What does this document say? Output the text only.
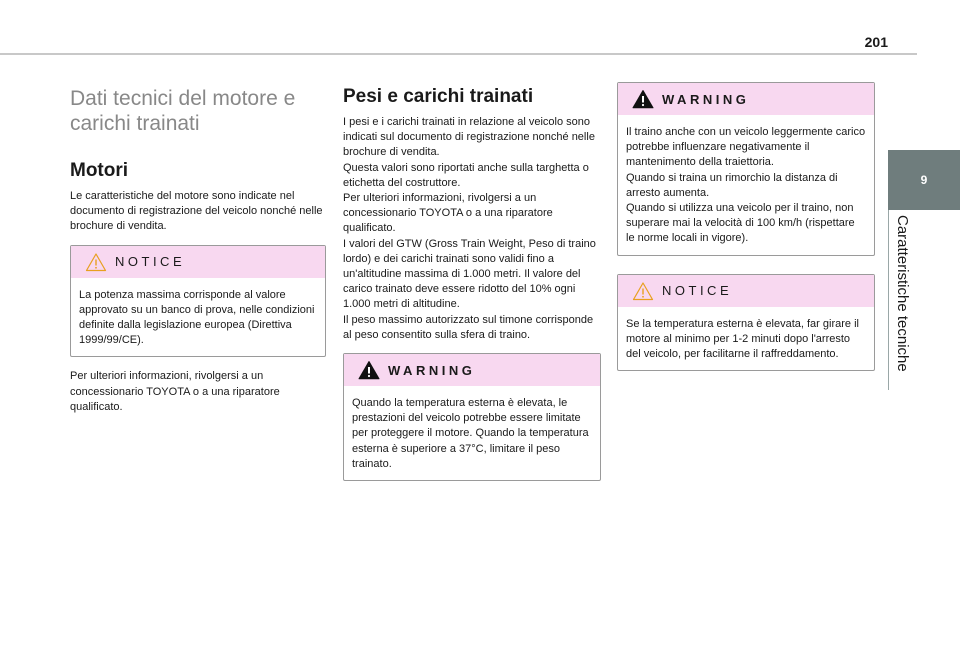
201
9
Caratteristiche tecniche
Dati tecnici del motore e carichi trainati
Motori

Le caratteristiche del motore sono indicate nel documento di registrazione del veicolo nonché nelle brochure di vendita.

NOTICE

La potenza massima corrisponde al valore approvato su un banco di prova, nelle condizioni definite dalla legislazione europea (Direttiva 1999/99/CE).

Per ulteriori informazioni, rivolgersi a un concessionario TOYOTA o a una riparatore qualificato.

Pesi e carichi trainati

I pesi e i carichi trainati in relazione al veicolo sono indicati sul documento di registrazione nonché nelle brochure di vendita.
Questa valori sono riportati anche sulla targhetta o etichetta del costruttore.
Per ulteriori informazioni, rivolgersi a un concessionario TOYOTA o a una riparatore qualificato.
I valori del GTW (Gross Train Weight, Peso di traino lordo) e dei carichi trainati sono validi fino a un'altitudine massima di 1.000 metri. Il valore del carico trainato deve essere ridotto del 10% ogni 1.000 metri di altitudine.
Il peso massimo autorizzato sul timone corrisponde al peso consentito sulla sfera di traino.

WARNING

Quando la temperatura esterna è elevata, le prestazioni del veicolo potrebbe essere limitate per proteggere il motore. Quando la temperatura esterna è superiore a 37°C, limitare il peso trainato.

WARNING

Il traino anche con un veicolo leggermente carico potrebbe influenzare negativamente il mantenimento della traiettoria.
Quando si traina un rimorchio la distanza di arresto aumenta.
Quando si utilizza una veicolo per il traino, non superare mai la velocità di 100 km/h (rispettare le norme locali in vigore).

NOTICE

Se la temperatura esterna è elevata, far girare il motore al minimo per 1-2 minuti dopo l'arresto del veicolo, per facilitarne il raffreddamento.
